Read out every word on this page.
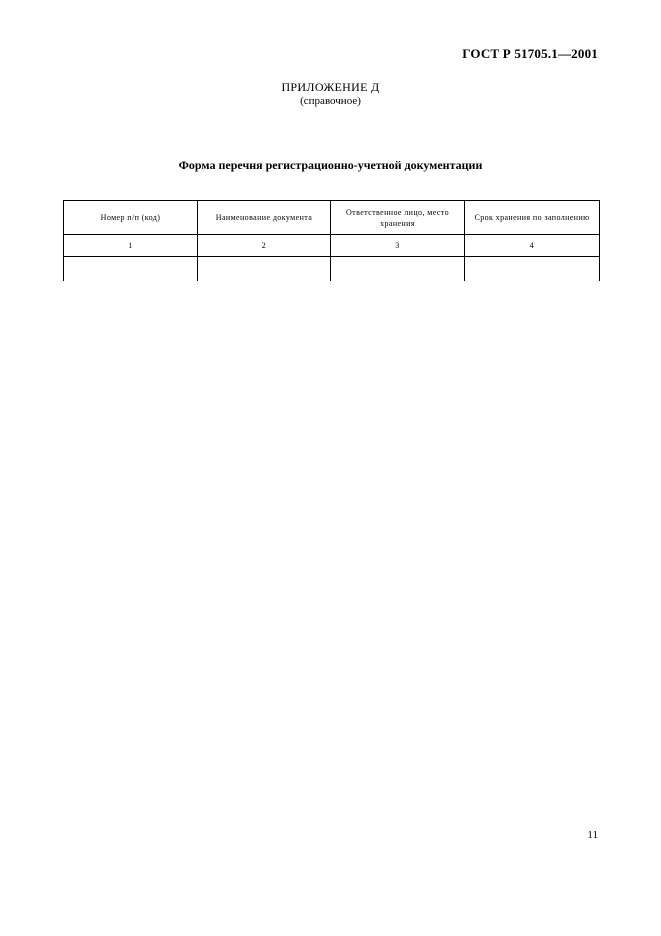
ГОСТ Р 51705.1—2001
ПРИЛОЖЕНИЕ Д
(справочное)
Форма перечня регистрационно-учетной документации
Номер п/п (код)	Наименование документа	Ответственное лицо, место хранения	Срок хранения по заполнению
1	2	3	4

11
